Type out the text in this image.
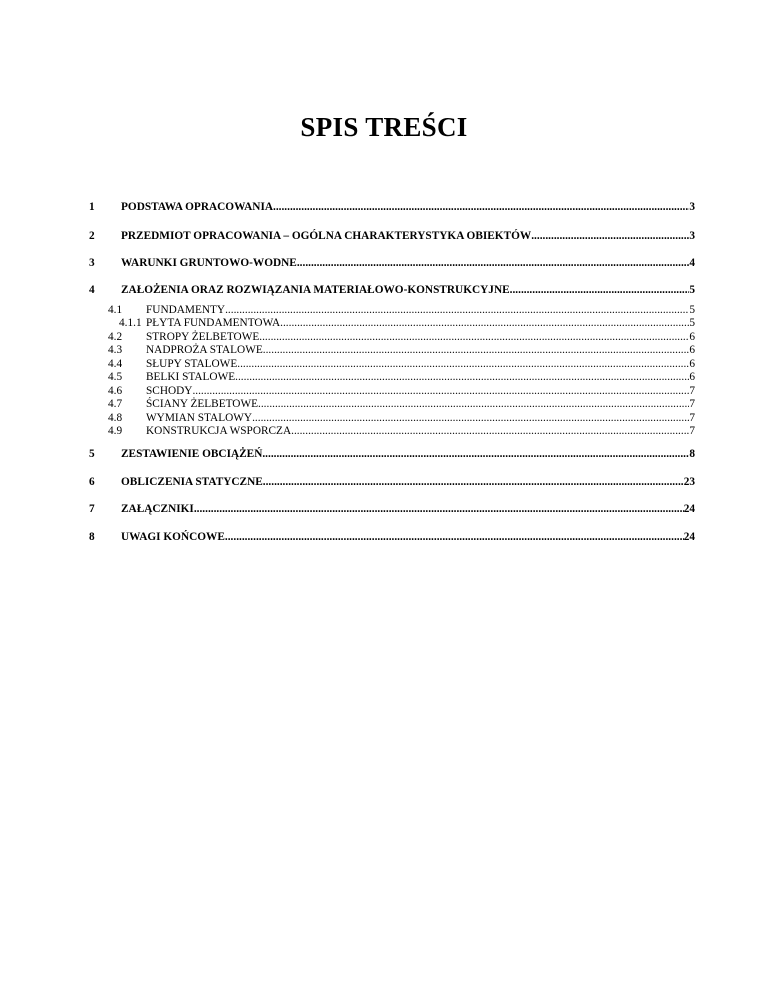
SPIS TREŚCI
1 PODSTAWA OPRACOWANIA .....	3
2 PRZEDMIOT OPRACOWANIA – OGÓLNA CHARAKTERYSTYKA OBIEKTÓW .....	3
3 WARUNKI GRUNTOWO-WODNE .....	4
4 ZAŁOŻENIA ORAZ ROZWIĄZANIA MATERIAŁOWO-KONSTRUKCYJNE .....	5
4.1 FUNDAMENTY .....	5
4.1.1 PŁYTA FUNDAMENTOWA .....	5
4.2 STROPY ŻELBETOWE .....	6
4.3 NADPROŻA STALOWE .....	6
4.4 SŁUPY STALOWE .....	6
4.5 BELKI STALOWE .....	6
4.6 SCHODY .....	7
4.7 ŚCIANY ŻELBETOWE .....	7
4.8 WYMIAN STALOWY .....	7
4.9 KONSTRUKCJA WSPORCZA .....	7
5 ZESTAWIENIE OBCIĄŻEŃ .....	8
6 OBLICZENIA STATYCZNE .....	23
7 ZAŁĄCZNIKI .....	24
8 UWAGI KOŃCOWE .....	24
